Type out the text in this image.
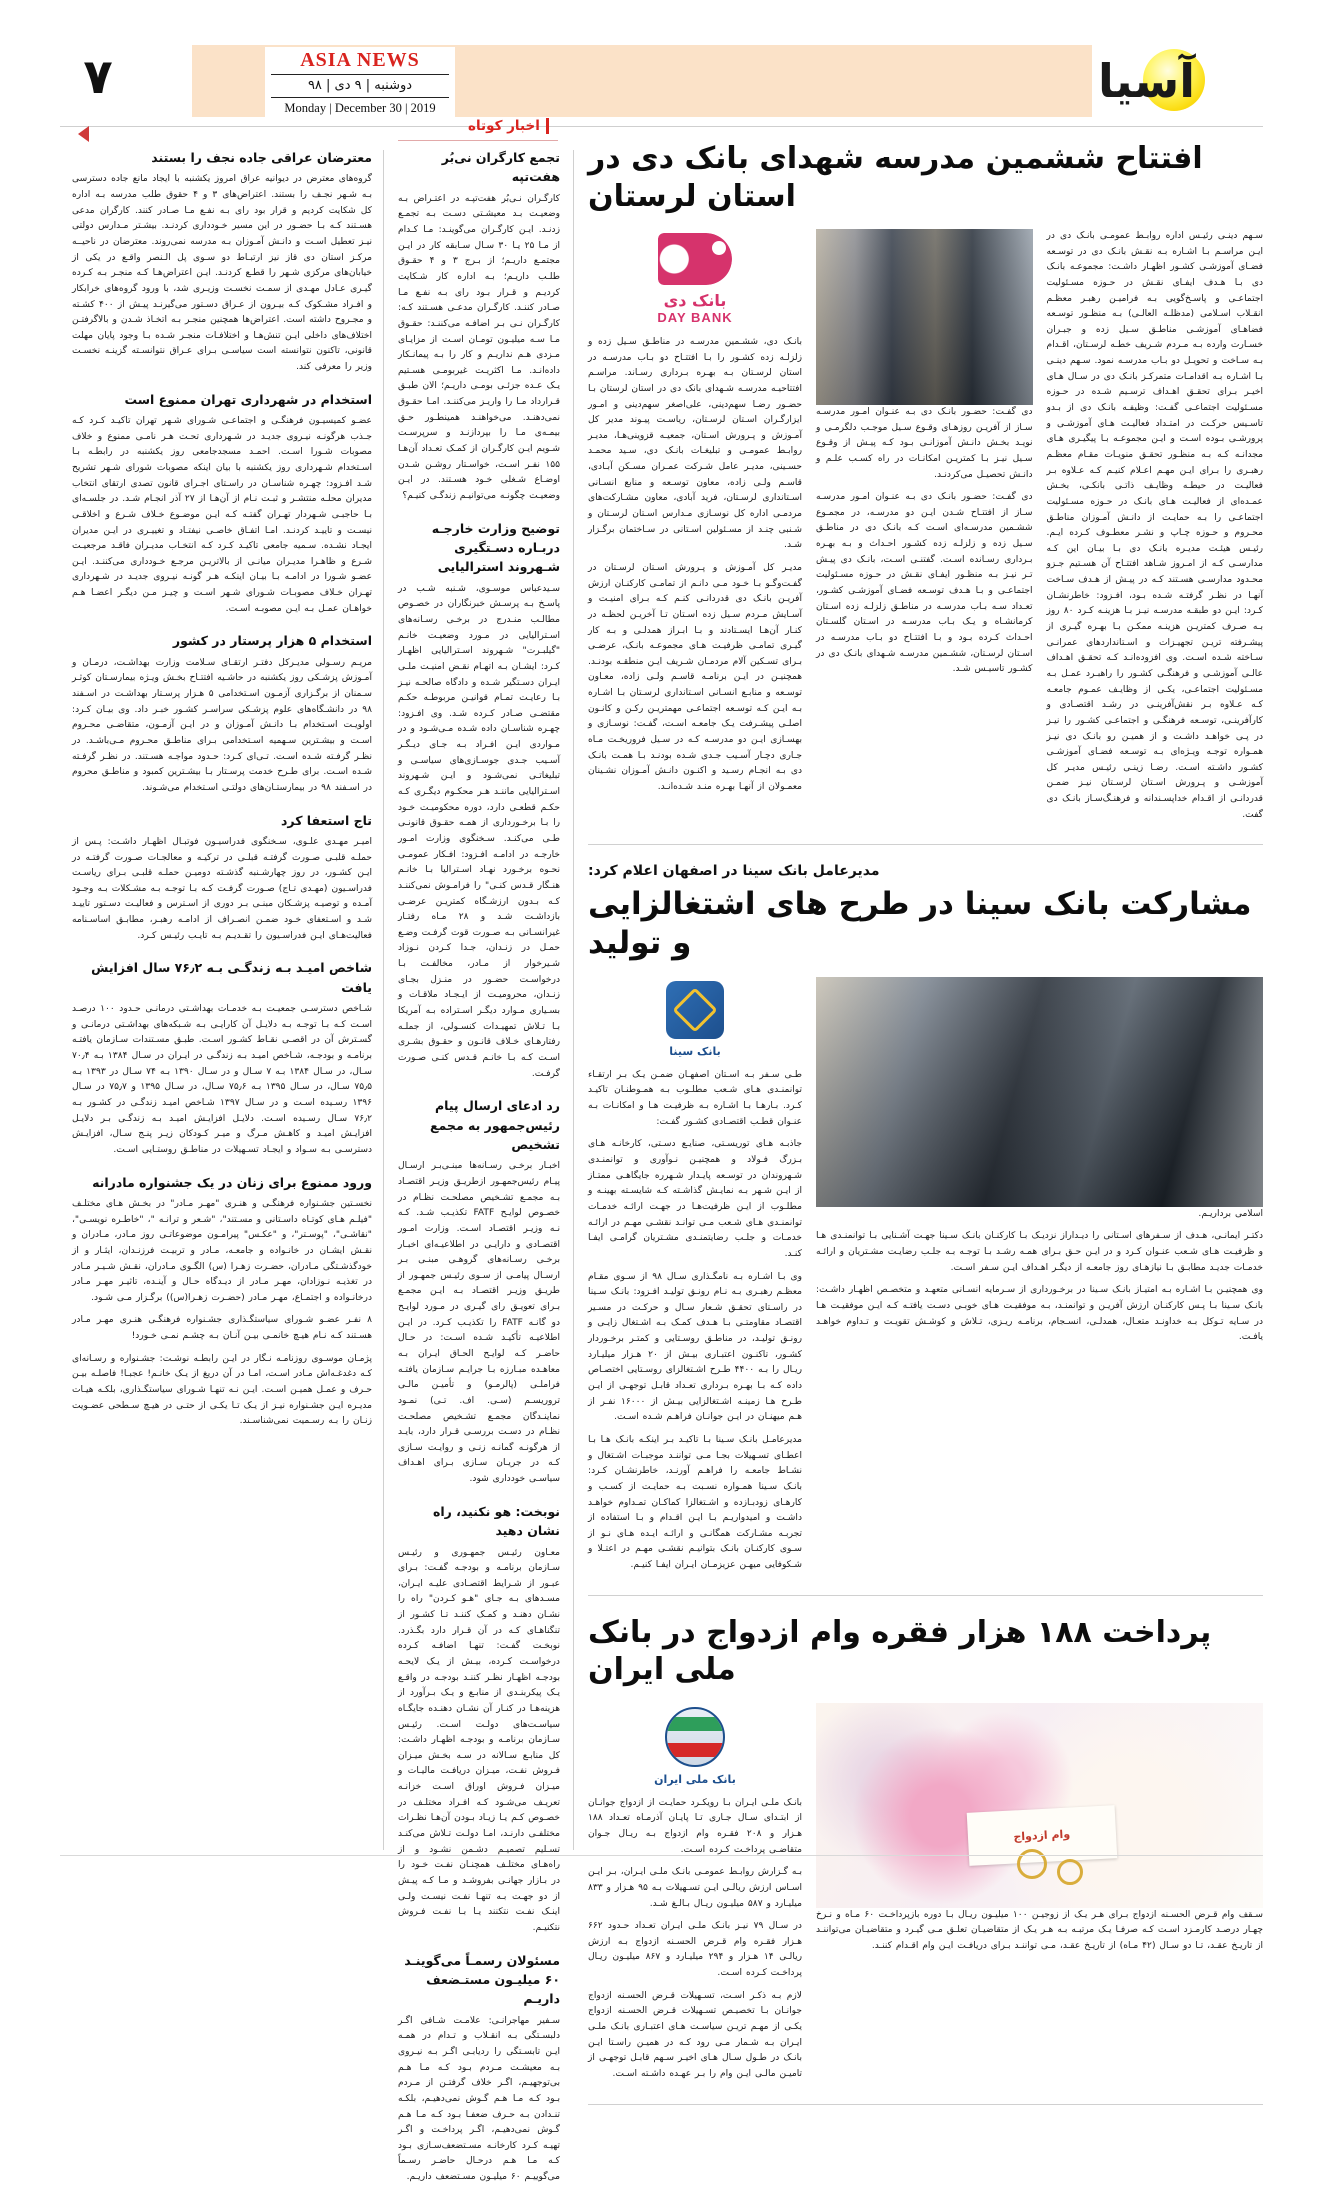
۷	ASIA NEWS
دوشنبه | ۹ دی | ۹۸
Monday | December 30 | 2019	آسیا
اخبار کوتاه
معترضان عراقی جاده نجف را بستند

گروه‌های معترض در دیوانیه عراق امروز یکشنبه با ایجاد مانع جاده دسترسی بـه شـهر نجـف را بستند. اعتراض‌های ۳ و ۴ حقوق طلب مدرسه بـه اداره کل شکایت کردیم و قرار بود رای بـه نفـع مـا صـادر کنند. کارگران مدعی هسـتند کـه بـا حضـور در این مسیر خـودداری کردنـد. بیشـتر مـدارس دولتی نیـز تعطیل اسـت و دانـش آمـوزان بـه مدرسه نمی‌روند. معترضان در ناحیــه مرکـز استان دی قاز نیز ارتبـاط دو سـوی پل الـنصر واقـع در یکی از خیابان‌های مرکزی شـهر را قطـع کردنـد. ایـن اعتراض‌هـا کـه منجـر بـه کـرده گیـری عـادل مهـدی از سمـت نخسـت وزیـری شد، با ورود گروه‌های خرابکار و افـراد مشـکوک کـه بیـرون از عـراق دسـتور می‌گیرنـد پیـش از ۴۰۰ کشـته و مجـروح داشته است. اعتراض‌ها همچنین منجـر بـه اتخـاذ شـدن و بالاگرفتـن اختلاف‌های داخلی ایـن تنش‌هـا و اختلافـات منجـر شـده بـا وجود پایان مهلت قانونی، تاکنون نتوانسته است سیاسـی بـرای عـراق نتوانسـته گزینـه نخسـت وزیر را معرفی کند.

استخدام در شهرداری تهران ممنوع است

عضـو کمیسیـون فرهنگـی و اجتماعـی شـورای شـهر تهران تاکیـد کـرد کـه جـذب هرگونـه نیـروی جدیـد در شـهرداری تحـت هـر نامـی ممنوع و خلاف مصوبات شـورا اسـت. احمـد مسجدجامعی روز یکشنبه در رابطـه بـا اسـتخدام شـهرداری روز یکشنبه با بیان اینکه مصوبات شورای شـهر تشریح شـد افـزود: چهـره شناسـان در راسـتای اجـرای قانون تصدی ارتقای انتخاب مدیران محلـه منتشـر و ثبـت نـام از آن‌هـا از ۲۷ آذر انجـام شـد. در جلسـه‌ای بـا حاجبـی شـهردار تهـران گفتـه کـه ایـن موضـوع خـلاف شـرع و اخلاقـی نیسـت و تاییـد کردنـد. امـا اتفـاق خاصـی نیفتـاد و تغییـری در ایـن مدیران ایجـاد نشـده. سـمیه جامعی تاکیـد کـرد کـه انتخـاب مدیـران فاقـد مرجعیـت شـرع و ظاهـرا مدیـران میانـی از بالاتریـن مرجـع خـودداری می‌کننـد. ایـن عضـو شـورا در ادامـه بـا بیـان اینکـه هـر گونـه نیـروی جدیـد در شـهرداری تهـران خـلاف مصوبـات شـورای شـهر اسـت و چیـز مـن دیگـر اعضـا هـم خواهـان عمـل بـه ایـن مصوبـه اسـت.

استخدام ۵ هزار پرستار در کشور

مریـم رسـولی مدیـرکل دفتـر ارتقـای سـلامت وزارت بهداشـت، درمـان و آمـوزش پزشـکی روز یکشنبه در حاشـیه افتتـاح بخـش ویـژه بیمارسـتان کوثـر سـمنان از برگـزاری آزمـون اسـتخدامی ۵ هـزار پرسـتار بهداشـت در اسـفند ۹۸ در دانشـگاه‌های علوم پزشـکی سراسـر کشـور خبـر داد. وی بیـان کـرد: اولویـت اسـتخدام بـا دانـش آمـوزان و در ایـن آزمـون، متقاضـی محـروم اسـت و بیشـترین سـهمیه اسـتخدامی بـرای مناطـق محـروم مـی‌باشـد. در نظـر گرفـته شـده اسـت. تـی‌ای کـرد: حـدود مواجـه هسـتند. در نظـر گرفـته شـده اسـت. برای طـرح خدمت پرسـتار بـا بیشـترین کمبود و مناطـق محروم در اسـفند ۹۸ در بیمارستـان‌های دولتـی اسـتخدام می‌شـوند.

تاج استعفا کرد

امیـر مهـدی علـوی، سـخنگوی فدراسیـون فوتبـال اظهـار داشـت: پـس از حملـه قلبـی صـورت گرفتـه قبلـی در ترکیـه و معالجـات صـورت گرفتـه در ایـن کشـور، در روز چهارشـنبه گذشـته دومیـن حملـه قلبـی بـرای ریاسـت فدراسـیون (مهـدی تـاج) صـورت گرفـت کـه بـا توجـه بـه مشـکلات بـه وجـود آمـده و توصیـه پزشـکان مبنـی بـر دوری از اسـترس و فعالیـت دسـتور تاییـد شـد و اسـتعفای خـود ضمـن انصـراف از ادامـه رهبـر، مطابـق اساسـنامه فعالیت‌هـای ایـن فدراسـیون را تقـدیـم بـه تایـب رئیـس کـرد.

شاخص امیـد بـه زندگـی بـه ۷۶٫۲ سال افزایش یافت

شـاخص دسترسـی جمعیـت بـه خدمـات بهداشـتی درمانـی حـدود ۱۰۰ درصـد اسـت کـه بـا توجـه بـه دلایـل آن کارایـی بـه شـبکه‌های بهداشـتی درمانـی و گسـترش آن در اقصـی نقـاط کشـور اسـت. طبـق مسـتندات سـازمان یافتـه برنامـه و بودجـه، شـاخص امیـد بـه زندگـی در ایـران در سـال ۱۳۸۴ بـه ۷۰٫۴ سـال، در سـال ۱۳۸۴ بـه ۷ سـال و در سـال ۱۳۹۰ بـه ۷۴ سـال در ۱۳۹۳ بـه ۷۵٫۵ سـال، در سـال ۱۳۹۵ بـه ۷۵٫۶ سـال، در سـال ۱۳۹۵ و ۷۵٫۷ در سـال ۱۳۹۶ رسـیده اسـت و در سـال ۱۳۹۷ شـاخص امیـد زندگـی در کشـور بـه ۷۶٫۲ سـال رسـیده اسـت. دلایـل افزایـش امیـد بـه زندگـی بـر دلایـل افزایـش امیـد و کاهـش مـرگ و میـر کـودکان زیـر پنـج سـال، افزایـش دسترسـی بـه سـواد و ایجـاد تسـهیلات در مناطـق روستـایی اسـت.

ورود ممنوع برای زنان در یک جشنواره مادرانه

نخسـتین جشـنواره فرهنگـی و هنـری "مهـر مـادر" در بخـش هـای مختلـف "فیلـم هـای کوتـاه داسـتانی و مسـتند"، "شـعر و ترانـه "، "خاطـره نویسـی"، "نقاشـی"، "پوسـتر"، و "عکـس" پیرامـون موضوعاتـی روز مـادر، مـادران و نقـش ایشـان در خانـواده و جامعـه، مـادر و تربیـت فرزنـدان، ایثـار و از خودگذشـتگی مـادران، حضـرت زهـرا (س) الگـوی مـادران، نقـش شـیـر مـادر در تغذیـه نـوزادان، مهـر مـادر از دیـدگاه حـال و آینـده، تاثیـر مهـر مـادر درخانـواده و اجتمـاع، مهـر مـادر (حضـرت زهـرا(س)) برگـزار مـی شـود.

۸ نفـر عضـو شـورای سیاستگـذاری جشـنواره فرهنگـی هنـری مهـر مـادر هسـتند کـه نـام هیـچ خانمـی بیـن آنـان بـه چشـم نمـی خـورد!

پژمـان موسـوی روزنامـه نـگار در ایـن رابطـه نوشـت: جشـنواره و رسـانه‌ای کـه دغدغـه‌اش مـادر اسـت، امـا در آن دریغ از یـک خانـم! عجبـا! فاصلـه بیـن حـرف و عمـل همیـن اسـت. ایـن نـه تنهـا شـورای سیاستگـذاری، بلکـه هیـات مدیـره ایـن جشـنواره نیـز از یـک تـا یکـی از حتـی در هیـچ سـطحی عضـویت زنـان را بـه رسـمیت نمی‌شناسـند.

تجمع کارگران نی‌بُر هفت‌تپه

کارگـران نـی‌بُر هفت‌تپـه در اعتـراض بـه وضعیـت بـد معیشـتی دسـت بـه تجمـع زدنـد. ایـن کارگـران می‌گوینـد: مـا کـدام از مـا ۲۵ یـا ۳۰ سـال سـابقه کار در ایـن مجتمـع داریـم؛ از بـرج ۳ و ۴ حقـوق طلـب داریـم؛ بـه اداره کار شـکایت کردیـم و قـرار بـود رای بـه نفـع مـا صـادر کننـد. کارگـران مدعـی هسـتند کـه: کارگـران نـی بـر اضافـه می‌کننـد: حقـوق مـا سـه میلیـون تومـان اسـت از مزایـای مـزدی هـم نداریـم و کار را بـه پیمانـکار داده‌انـد. مـا اکثریـت غیربومـی هسـتیم یـک عـده جزئـی بومـی داریـم؛ الان طبـق قـرارداد مـا را واریـز می‌کننـد. امـا حقـوق نمی‌دهنـد. می‌خواهنـد همینطـور حـق بیمـه‌ی مـا را بپردازنـد و سرپرسـت شـویم ایـن کارگـران از کمـک تعـداد آن‌هـا ۱۵۵ نفـر اسـت، خواسـتار روشـن شـدن اوضـاع شـغلی خـود هسـتند. در ایـن وضعیـت چگونـه می‌توانیـم زندگـی کنیـم؟

توضیح وزارت خارجـه دربـاره دسـتگیری شـهروند استرالیایی

سـیدعباس موسـوی، شـنبه شـب در پاسـخ بـه پرسـش خبرنگاران در خصـوص مطالـب منـدرج در برخـی رسـانه‌های اسـترالیایی در مـورد وضعیـت خانـم "گیلبـرت" شـهروند اسـترالیایی اظهـار کـرد: ایشـان بـه اتهـام نقـض امنیـت ملـی ایـران دسـتگیر شـده و دادگاه صالحـه نیـز بـا رعایـت تمـام قوانیـن مربوطـه حکـم مقتضـی صـادر کـرده شـد. وی افـزود: چهـره شناسـان داده شـده مـی‌شـود و در مـواردی ایـن افـراد بـه جـای دیـگـر آسـیب جـدی جوسـازی‌های سیاسـی و تبلیغاتـی نمی‌شـود و ایـن شـهروند اسـترالیایی ماننـد هـر محکـوم دیگـری کـه حکـم قطعـی دارد، دوره محکومیـت خـود را بـا برخـورداری از همـه حقـوق قانونـی طـی می‌کنـد. سـخنگوی وزارت امـور خارجـه در ادامـه افـزود: افـکار عمومـی نحـوه برخـورد نهـاد اسـترالیا بـا خانـم هنـگار قـدس کنـی" را فرامـوش نمی‌کننـد کـه بـدون ارزشـگاه کمتریـن عرضـی بازداشـت شـد و ۲۸ مـاه رفتـار غیرانسـانی بـه صـورت قوت گرفـت وضـع حمـل در زنـدان، جـدا کـردن نـوزاد شـیرخوار از مـادر، مخالفـت بـا درخواسـت حضـور در منـزل بجـای زنـدان، محرومیـت از ایـجـاد ملاقـات و بسـیاری مـوارد دیگـر اسـتراده بـه آمریکا بـا تـلاش تمهیـدات کنسـولی، از جملـه رفتارهـای خـلاف قانـون و حقـوق بشـری اسـت کـه بـا خانـم قـدس کنـی صـورت گرفـت.

رد ادعای ارسال پیام رئیس‌جمهور به مجمع تشخیص

اخبـار برخـی رسـانه‌ها مبنـی‌بـر ارسـال پیـام رئیس‌جمهـور ازطریـق وزیـر اقتصـاد بـه مجمـع تشـخیص مصلحـت نظـام در خصـوص لوایـح FATF تکذیـب شـد. کـه نـه وزیـر اقتصـاد اسـت. وزارت امـور اقتصـادی و دارایـی در اطلاعیـه‌ای اخبـار برخـی رسـانه‌های گروهـی مبنـی بـر ارسـال پیامـی از سـوی رئیـس جمهـور از طریـق وزیـر اقتصـاد بـه ایـن مجمـع بـرای تعویـق رای گیـری در مـورد لوایـح دو گانـه FATF را تکذیـب کـرد. در ایـن اطلاعیـه تأکیـد شـده اسـت: در حـال حاضـر کـه لوایـح الحـاق ایـران بـه معاهـده مبـارزه بـا جرایـم سـازمان یافتـه فراملـی (پالرمـو) و تأمیـن مالـی تروریسـم (سـی. اف. تـی) نمـود نماینـدگان مجمـع تشـخیص مصلحـت نظـام در دسـت بررسـی قـرار دارد، بایـد از هرگونـه گمانـه زنـی و روایـت سـازی کـه در جریـان سـازی بـرای اهـداف سیاسـی خودداری شود.

نوبخت: هو نکنید، راه نشان دهید

معـاون رئیـس جمهـوری و رئیـس سـازمان برنامـه و بودجـه گفـت: بـرای عبـور از شـرایط اقتصـادی علیـه ایـران، مسـدهای بـه جـای "هـو کـردن" راه را نشـان دهنـد و کمـک کننـد تـا کشـور از تنگناهـای کـه در آن قـرار دارد بگـذرد. نوبخـت گفـت: تنهـا اضافـه کـرده درخواسـت کـرده، بیـش از یـک لایحـه بودجـه اظهـار نظـر کننـد بودجـه در واقـع یـک پیکربنـدی از منابـع و یـک بـرآورد از هزینه‌هـا در کنـار آن نشـان دهنـده جایگـاه سیاسـت‌های دولـت اسـت. رئیـس سـازمان برنامـه و بودجـه اظهـار داشـت: کل منابـع سـالانه در سـه بخـش میـزان فـروش نفـت، میـزان دریافـت مالیـات و میـزان فـروش اوراق اسـت خزانـه تعریـف می‌شـود کـه افـراد مختلـف در خصـوص کـم یـا زیـاد بـودن آن‌هـا نظـرات مختلفـی دارنـد، امـا دولـت تـلاش می‌کنـد تسـلیم تصمیـم دشـمن نشـود و از راه‌هـای مختلـف همچنـان نفـت خـود را در بـازار جهانـی بفروشـد و مـا کـه پیـش از دو جهـت بـه تنهـا نفـت نیسـت ولـی اینـک نفـت نتکنند یـا بـا نفـت فـروش نتکنیـم.

مسئولان رسمـاً می‌گوینـد ۶۰ میلیـون مستـضعف داریـم

سـفیر مهاجرانـی: علامـت شـافی اگـر دلبسـتگی بـه انقـلاب و تـدام در همـه ایـن تابسـتگی را ردیابـی اگـر بـه نیـروی بـه معیشـت مـردم بـود کـه مـا هـم بی‌توجهیـم، اگـر خلاف گرفتـن از مـردم بـود کـه مـا هـم گـوش نمی‌دهیـم، بلکـه تنـدادن بـه حـرف ضعفـا بـود کـه مـا هـم گـوش نمی‌دهیـم، اگـر پرداخـت و اگـر تهیـه کـرد کارخانـه مسـتضعف‌سـازی بـود کـه مـا هـم درحـال حاضـر رسـماً می‌گوییـم ۶۰ میلیـون مسـتضعف داریـم.

افتتاح ششمین مدرسه شهدای بانک دی در استان لرستان
بانک دی
DAY BANK

بانـک دی، ششـمین مدرسـه در مناطـق سـیل زده و زلزلـه زده کشـور را بـا افتتـاح دو بـاب مدرسـه در استان لرسـتان بـه بهـره بـرداری رسـاند. مراسـم افتتاحیـه مدرسـه شـهدای بانک دی در استان لرستان بـا حضـور رضـا سهم‌دینی، علی‌اصغر سهم‌دینی و امـور ایزارگـران اسـتان لرسـتان، ریاسـت پیـوند مدیر کل آمـوزش و پـرورش اسـتان، جمعیـه قزوینی‌هـا، مدیـر روابـط عمومـی و تبلیغـات بانـک دی، سـید محمـد حسـینی، مدیـر عامل شـرکت عمـران مسـکن آبـاد‌ی، قاسـم ولـی زاده، معاون توسـعه و منابع انسـانی اسـتانداری لرسـتان، فرید آبادی، معاون مشـارکت‌های مردمـی اداره کل نوسـازی مـدارس اسـتان لرسـتان و شـنبی چنـد از مسـئولین اسـتانی در سـاختمان برگـزار شـد.

مدیـر کل آمـوزش و پـرورش اسـتان لرسـتان در گفـت‌وگـو بـا خـود مـی دانـم از تمامـی کارکنـان ارزش آفریـن بانـک دی قدردانـی کنـم کـه بـرای امنیـت و آسـایش مـردم سـیل زده اسـتان تـا آخریـن لحظـه در کنـار آن‌هـا ایسـتادند و بـا ابـراز همدلـی و بـه کار گیـری تمامـی ظرفیـت هـای مجموعـه بانـک، عرضـی بـرای تسـکین آلام مردمـان شـریف ایـن منطقـه بودنـد. همچنیـن در ایـن برنامـه قاسـم ولـی زاده، معـاون توسـعه و منابـع انسـانی اسـتانداری لرسـتان بـا اشـاره بـه ایـن کـه توسـعه اجتماعـی مهمتریـن رکـن و کانـون اصلـی پیشـرفت یـک جامعـه اسـت، گفـت: نوسـازی و بهسـازی ایـن دو مدرسـه کـه در سـیل فروریخـت مـاه جـاری دچـار آسـیب جـدی شـده بودنـد بـا همـت بانـک دی بـه انجـام رسـید و اکنـون دانـش آمـوزان نشـینان معمـولان از آنهـا بهـره منـد شـده‌انـد.

دی گفـت: حضـور بانـک دی بـه عنـوان امـور مدرسـه سـاز از آفریـن روزهـای وقـوع سـیل موجـب دلگرمـی و نویـد بخـش دانـش آموزانـی بـود کـه پیـش از وقـوع سـیل نیـز بـا کمتریـن امکانـات در راه کسـب علـم و دانـش تحصیـل می‌کردنـد.

دی گفـت: حضـور بانـک دی بـه عنـوان امـور مدرسـه سـاز از افتتـاح شـدن ایـن دو مدرسـه، در مجمـوع ششـمین مدرسـه‌ای اسـت کـه بانـک دی در مناطـق سـیل زده و زلزلـه زده کشـور احـداث و بـه بهـره بـرداری رسـانده اسـت. گفتنـی اسـت، بانـک دی پیـش تـر نیـز بـه منظـور ایفـای نقـش در حـوزه مسـئولیت اجتماعـی و بـا هـدف توسـعه فضـای آموزشـی کشـور، تعـداد سـه بـاب مدرسـه در مناطـق زلزلـه زده اسـتان کرمانشـاه و یـک بـاب مدرسـه در اسـتان گلسـتان احـداث کـرده بـود و بـا افتتـاح دو بـاب مدرسـه در اسـتان لرسـتان، ششـمین مدرسـه شـهدای بانـک دی در کشـور تاسیـس شـد.

سـهم دینـی رئیـس اداره روابـط عمومـی بانـک دی در ایـن مراسـم بـا اشـاره بـه نقـش بانـک دی در توسـعه فضـای آموزشـی کشـور اظهـار داشـت: مجموعـه بانـک دی بـا هـدف ایفـای نقـش در حـوزه مسـئولیت اجتماعـی و پاسـخ‌گویی بـه فرامیـن رهبـر معظـم انقـلاب اسـلامی (مدظلـه العالـی) بـه منظـور توسـعه فضاهـای آموزشـی مناطـق سـیل زده و جبـران خسـارت وارده بـه مـردم شـریف خطـه لرسـتان، اقـدام بـه سـاخت و تحویـل دو بـاب مدرسـه نمود. سـهم دینـی بـا اشـاره بـه اقدامـات متمرکـز بانـک دی در سـال هـای اخیـر بـرای تحقـق اهـداف ترسـیم شـده در حـوزه مسـئولیت اجتماعـی گفـت: وظیفـه بانـک دی از بـدو تاسـیس حرکـت در امتـداد فعالیـت هـای آموزشـی و پرورشـی بـوده اسـت و ایـن مجموعـه بـا پیگیـری هـای مجدانـه کـه بـه منظـور تحقـق منویـات مقـام معظـم رهبـری را بـرای ایـن مهـم اعـلام کنیـم کـه عـلاوه بـر فعالیـت در حیطـه وظایـف ذاتـی بانکـی، بخـش عمـده‌ای از فعالیـت هـای بانـک در حـوزه مسـئولیت اجتماعـی را بـه حمایـت از دانـش آمـوزان مناطـق محـروم و حـوزه چـاپ و نشـر معطـوف کـرده ایـم. رئیـس هیئـت مدیـره بانـک دی بـا بیـان این کـه مدارسـی کـه از امـروز شـاهد افتتـاح آن هسـتیم جـزو محـدود مدارسـی هسـتند کـه در پیـش از هـدف سـاخت آنهـا در نظـر گرفتـه شـده بـود، افـزود: خاطرنشـان کـرد: ایـن دو طبقـه مدرسـه نیـز بـا هزینـه کـرد ۸۰ روز بـه صـرف کمتریـن هزینـه ممکـن بـا بهـره گیـری از پیشـرفته تریـن تجهیـزات و اسـتانداردهای عمرانـی سـاخته شـده اسـت. وی افزوده‌انـد کـه تحقـق اهـداف عالـی آموزشـی و فرهنگـی کشـور را راهبـرد عمـل بـه مسـئولیت اجتماعـی، یکـی از وظایـف عمـوم جامعـه کـه عـلاوه بـر نقش‌آفرینـی در رشـد اقتصـادی و کارآفرینـی، توسـعه فرهنگـی و اجتماعـی کشـور را نیـز در پـی خواهـد داشـت و از همیـن رو بانـک دی نیـز همـواره توجـه ویـژه‌ای بـه توسـعه فضـای آموزشـی کشـور داشـته اسـت. رضـا زینـی رئیـس مدیـر کل آموزشـی و پـرورش اسـتان لرسـتان نیـز ضمـن قدردانـی از اقـدام خداپسـندانه و فرهنـگ‌سـاز بانـک دی گفت.

مدیرعامل بانک سینا در اصفهان اعلام کرد:
مشارکت بانک سینا در طرح های اشتغالزایی و تولید
بانک سینا

طـی سـفر بـه اسـتان اصفهـان ضمـن یـک بـر ارتقـاء توانمنـدی هـای شـعب مطلـوب بـه همـوطنـان تاکیـد کـرد. بـارهـا بـا اشـاره بـه ظرفیـت هـا و امکانـات بـه عنـوان قطـب اقتصـادی کشـور گفـت:

جاذبـه هـای توریسـتی، صنایـع دسـتی، کارخانـه هـای بـزرگ فـولاد و همچنیـن نـوآوری و توانمنـدی شـهروندان در توسـعه پایـدار شـهر‌ره جایگاهـی ممتـاز از ایـن شـهر بـه نمایـش گذاشـته کـه شایسـته بهینـه و مطلـوب از ایـن ظرفیت‌هـا در جهـت ارائـه خدمـات توانمنـدی هـای شـعب مـی توانـد نقشـی مهـم در ارائـه خدمـات و جلـب رضایتمنـدی مشـتریان گرامـی ایفـا کنـد.

وی بـا اشـاره بـه نامگـذاری سـال ۹۸ از سـوی مقـام معظـم رهبـری بـه نـام رونـق تولیـد افـزود: بانـک سـینا در راسـتای تحقـق شـعار سـال و حرکـت در مسـیر اقتصـاد مقاومتـی بـا هـدف کمـک بـه اشـتغال زایـی و رونـق تولیـد، در مناطـق روسـتایی و کمتـر برخـوردار کشـور، تاکنـون اعتبـاری بیـش از ۲۰ هـزار میلیـارد ریـال را بـه ۴۴۰۰ طـرح اشـتغالزای روسـتایی اختصـاص داده کـه بـا بهـره بـرداری تعـداد قابـل توجهـی از ایـن طـرح هـا زمینـه اشـتغالزایی بیـش از ۱۶۰۰۰ نفـر از هـم میهنـان در ایـن جوانـان فراهـم شـده اسـت.

مدیرعامـل بانـک سـینا بـا تاکیـد بـر اینکـه بانـک هـا بـا اعطـای تسـهیلات بجـا مـی تواننـد موجبـات اشـتغال و نشـاط جامعـه را فراهـم آورنـد، خاطرنشـان کـرد: بانـک سـینا همـواره نسـبت بـه حمایـت از کسـب و کارهـای زودبـازده و اشـتغالزا کماکـان تمـداوم خواهـد داشـت و امیدواریـم بـا ایـن اقـدام و بـا استفاده از تجربـه مشـارکت همگانـی و ارائـه ایـده هـای نـو از سـوی کارکنـان بانـک بتوانیـم نقشـی مهـم در اعتـلا و شـکوفایی میهـن عزیزمـان ایـران ایفـا کنیـم.

اسلامی برداریـم.

دکتـر ایمانـی، هـدف از سـفرهای اسـتانی را دیـداراز نزدیـک بـا کارکنـان بانـک سـینا جهـت آشـنایی بـا توانمنـدی هـا و ظرفیـت هـای شـعب عنـوان کـرد و در ایـن حـق بـرای همـه رشـد بـا توجـه بـه جلـب رضایـت مشـتریان و ارائـه خدمـات جدیـد مطابـق بـا نیازهـای روز جامعـه از دیگـر اهـداف ایـن سـفر اسـت.

وی همچنیـن بـا اشـاره بـه امتیـاز بانـک سـینا در برخـورداری از سـرمایه انسـانی متعهـد و متخصـص اظهـار داشـت: بانـک سـینا بـا پـس کارکنـان ارزش آفریـن و توانمنـد، بـه موفقیـت هـای خوبـی دسـت یافتـه کـه ایـن موفقیـت هـا در سـایه تـوکل بـه خداونـد متعـال، همدلـی، انسـجام، برنامـه ریـزی، تـلاش و کوشـش تقویـت و تـداوم خواهـد یافـت.

پرداخت ۱۸۸ هزار فقره وام ازدواج در بانک ملی ایران
بانک ملی ایران

بانـک ملـی ایـران بـا رویکـرد حمایـت از ازدواج جوانـان از ابتـدای سـال جـاری تـا پایـان آذرمـاه تعـداد ۱۸۸ هـزار و ۲۰۸ فقـره وام ازدواج بـه ریـال جـوان متقاضـی پرداخـت کـرده اسـت.

بـه گـزارش روابـط عمومـی بانـک ملـی ایـران، بـر ایـن اسـاس ارزش ریالـی ایـن تسـهیلات بـه ۹۵ هـزار و ۸۳۳ میلیـارد و ۵۸۷ میلیـون ریـال بـالـغ شـد.

در سـال ۷۹ نیـز بانـک ملـی ایـران تعـداد حـدود ۶۶۲ هـزار فقـره وام قـرض الحسـنه ازدواج بـه ارزش ریالـی ۱۴ هـزار و ۲۹۴ میلیـارد و ۸۶۷ میلیـون ریـال پرداخـت کـرده اسـت.

لازم بـه ذکـر اسـت، تسـهیلات قـرض الحسـنه ازدواج جوانـان بـا تخصیـص تسـهیلات قـرض الحسـنه ازدواج یکـی از مهـم تریـن سیاسـت هـای اعتبـاری بانـک ملـی ایـران بـه شـمار مـی رود کـه در همیـن راسـتا ایـن بانـک در طـول سـال هـای اخیـر سـهم قابـل توجهـی از تامیـن مالـی ایـن وام را بـر عهـده داشـته اسـت.

وام ازدواج

سـقف وام قـرض الحسـنه ازدواج بـرای هـر یـک از زوجیـن ۱۰۰ میلیـون ریـال بـا دوره بازپرداخـت ۶۰ مـاه و نـرخ چهـار درصـد کارمـزد اسـت کـه صرفـا یـک مرتبـه بـه هـر یـک از متقاضیـان تعلـق مـی گیـرد و متقاضیـان می‌تواننـد از تاریـخ عقـد، تـا دو سـال (۴۲ مـاه) از تاریـخ عقـد، مـی تواننـد بـرای دریافـت ایـن وام اقـدام کننـد.
